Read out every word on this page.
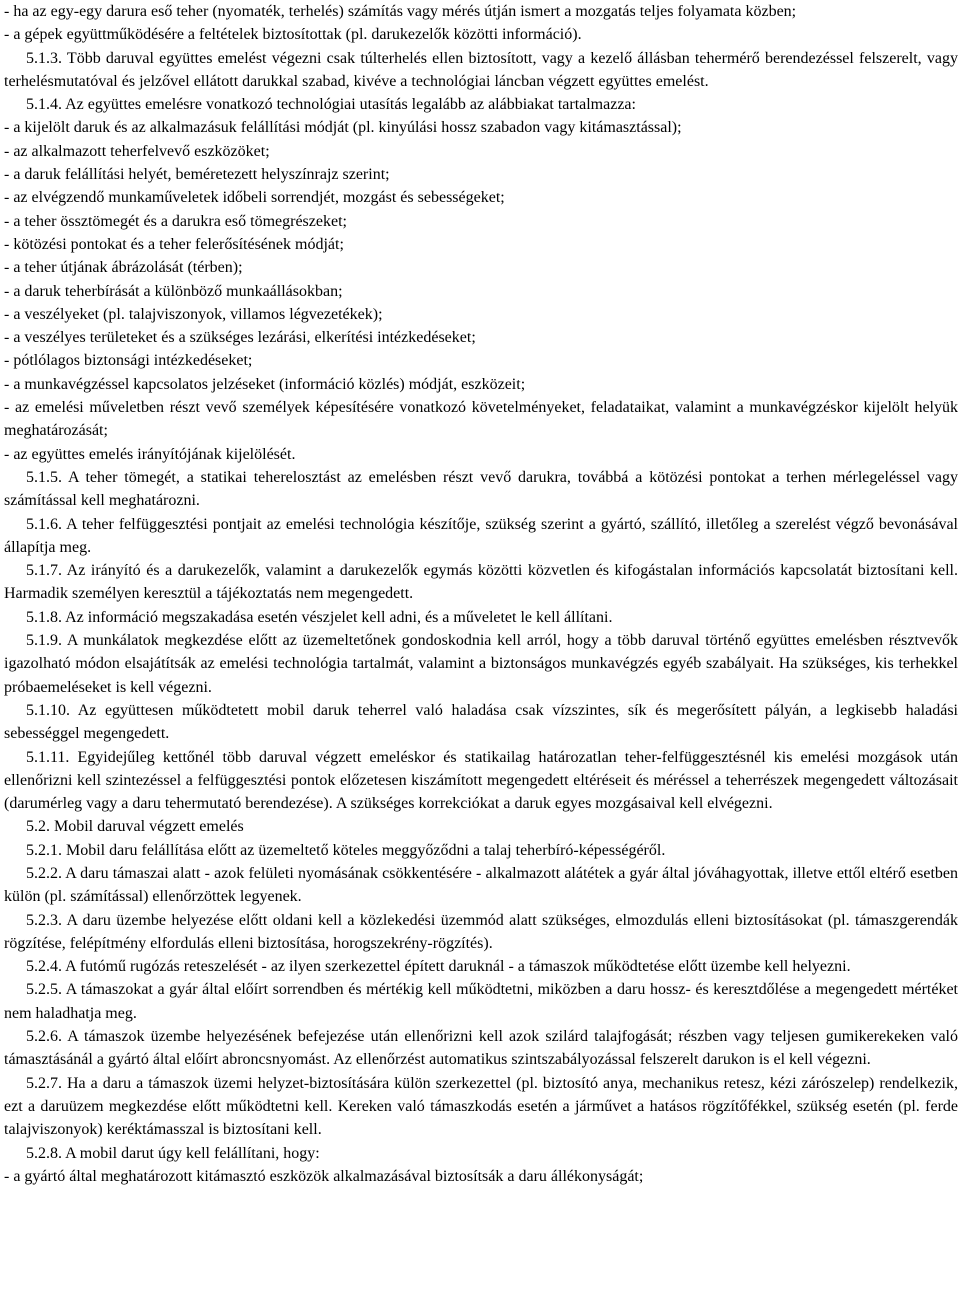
- ha az egy-egy darura eső teher (nyomaték, terhelés) számítás vagy mérés útján ismert a mozgatás teljes folyamata közben;

- a gépek együttműködésére a feltételek biztosítottak (pl. darukezelők közötti információ).

5.1.3. Több daruval együttes emelést végezni csak túlterhelés ellen biztosított, vagy a kezelő állásban tehermérő berendezéssel felszerelt, vagy terhelésmutatóval és jelzővel ellátott darukkal szabad, kivéve a technológiai láncban végzett együttes emelést.

5.1.4. Az együttes emelésre vonatkozó technológiai utasítás legalább az alábbiakat tartalmazza:

- a kijelölt daruk és az alkalmazásuk felállítási módját (pl. kinyúlási hossz szabadon vagy kitámasztással);

- az alkalmazott teherfelvevő eszközöket;

- a daruk felállítási helyét, beméretezett helyszínrajz szerint;

- az elvégzendő munkaműveletek időbeli sorrendjét, mozgást és sebességeket;

- a teher össztömegét és a darukra eső tömegrészeket;

- kötözési pontokat és a teher felerősítésének módját;

- a teher útjának ábrázolását (térben);

- a daruk teherbírását a különböző munkaállásokban;

- a veszélyeket (pl. talajviszonyok, villamos légvezetékek);

- a veszélyes területeket és a szükséges lezárási, elkerítési intézkedéseket;

- pótlólagos biztonsági intézkedéseket;

- a munkavégzéssel kapcsolatos jelzéseket (információ közlés) módját, eszközeit;

- az emelési műveletben részt vevő személyek képesítésére vonatkozó követelményeket, feladataikat, valamint a munkavégzéskor kijelölt helyük meghatározását;

- az együttes emelés irányítójának kijelölését.

5.1.5. A teher tömegét, a statikai teherelosztást az emelésben részt vevő darukra, továbbá a kötözési pontokat a terhen mérlegeléssel vagy számítással kell meghatározni.

5.1.6. A teher felfüggesztési pontjait az emelési technológia készítője, szükség szerint a gyártó, szállító, illetőleg a szerelést végző bevonásával állapítja meg.

5.1.7. Az irányító és a darukezelők, valamint a darukezelők egymás közötti közvetlen és kifogástalan információs kapcsolatát biztosítani kell. Harmadik személyen keresztül a tájékoztatás nem megengedett.

5.1.8. Az információ megszakadása esetén vészjelet kell adni, és a műveletet le kell állítani.

5.1.9. A munkálatok megkezdése előtt az üzemeltetőnek gondoskodnia kell arról, hogy a több daruval történő együttes emelésben résztvevők igazolható módon elsajátítsák az emelési technológia tartalmát, valamint a biztonságos munkavégzés egyéb szabályait. Ha szükséges, kis terhekkel próbaemeléseket is kell végezni.

5.1.10. Az együttesen működtetett mobil daruk teherrel való haladása csak vízszintes, sík és megerősített pályán, a legkisebb haladási sebességgel megengedett.

5.1.11. Egyidejűleg kettőnél több daruval végzett emeléskor és statikailag határozatlan teher-felfüggesztésnél kis emelési mozgások után ellenőrizni kell szintezéssel a felfüggesztési pontok előzetesen kiszámított megengedett eltéréseit és méréssel a teherrészek megengedett változásait (darumérleg vagy a daru tehermutató berendezése). A szükséges korrekciókat a daruk egyes mozgásaival kell elvégezni.

5.2. Mobil daruval végzett emelés

5.2.1. Mobil daru felállítása előtt az üzemeltető köteles meggyőződni a talaj teherbíró-képességéről.

5.2.2. A daru támaszai alatt - azok felületi nyomásának csökkentésére - alkalmazott alátétek a gyár által jóváhagyottak, illetve ettől eltérő esetben külön (pl. számítással) ellenőrzöttek legyenek.

5.2.3. A daru üzembe helyezése előtt oldani kell a közlekedési üzemmód alatt szükséges, elmozdulás elleni biztosításokat (pl. támaszgerendák rögzítése, felépítmény elfordulás elleni biztosítása, horogszekrény-rögzítés).

5.2.4. A futómű rugózás reteszelését - az ilyen szerkezettel épített daruknál - a támaszok működtetése előtt üzembe kell helyezni.

5.2.5. A támaszokat a gyár által előírt sorrendben és mértékig kell működtetni, miközben a daru hossz- és keresztdőlése a megengedett mértéket nem haladhatja meg.

5.2.6. A támaszok üzembe helyezésének befejezése után ellenőrizni kell azok szilárd talajfogását; részben vagy teljesen gumikerekeken való támasztásánál a gyártó által előírt abroncsnyomást. Az ellenőrzést automatikus szintszabályozással felszerelt darukon is el kell végezni.

5.2.7. Ha a daru a támaszok üzemi helyzet-biztosítására külön szerkezettel (pl. biztosító anya, mechanikus retesz, kézi zárószelep) rendelkezik, ezt a daruüzem megkezdése előtt működtetni kell. Kereken való támaszkodás esetén a járművet a hatásos rögzítőfékkel, szükség esetén (pl. ferde talajviszonyok) keréktámasszal is biztosítani kell.

5.2.8. A mobil darut úgy kell felállítani, hogy:

- a gyártó által meghatározott kitámasztó eszközök alkalmazásával biztosítsák a daru állékonyságát;
